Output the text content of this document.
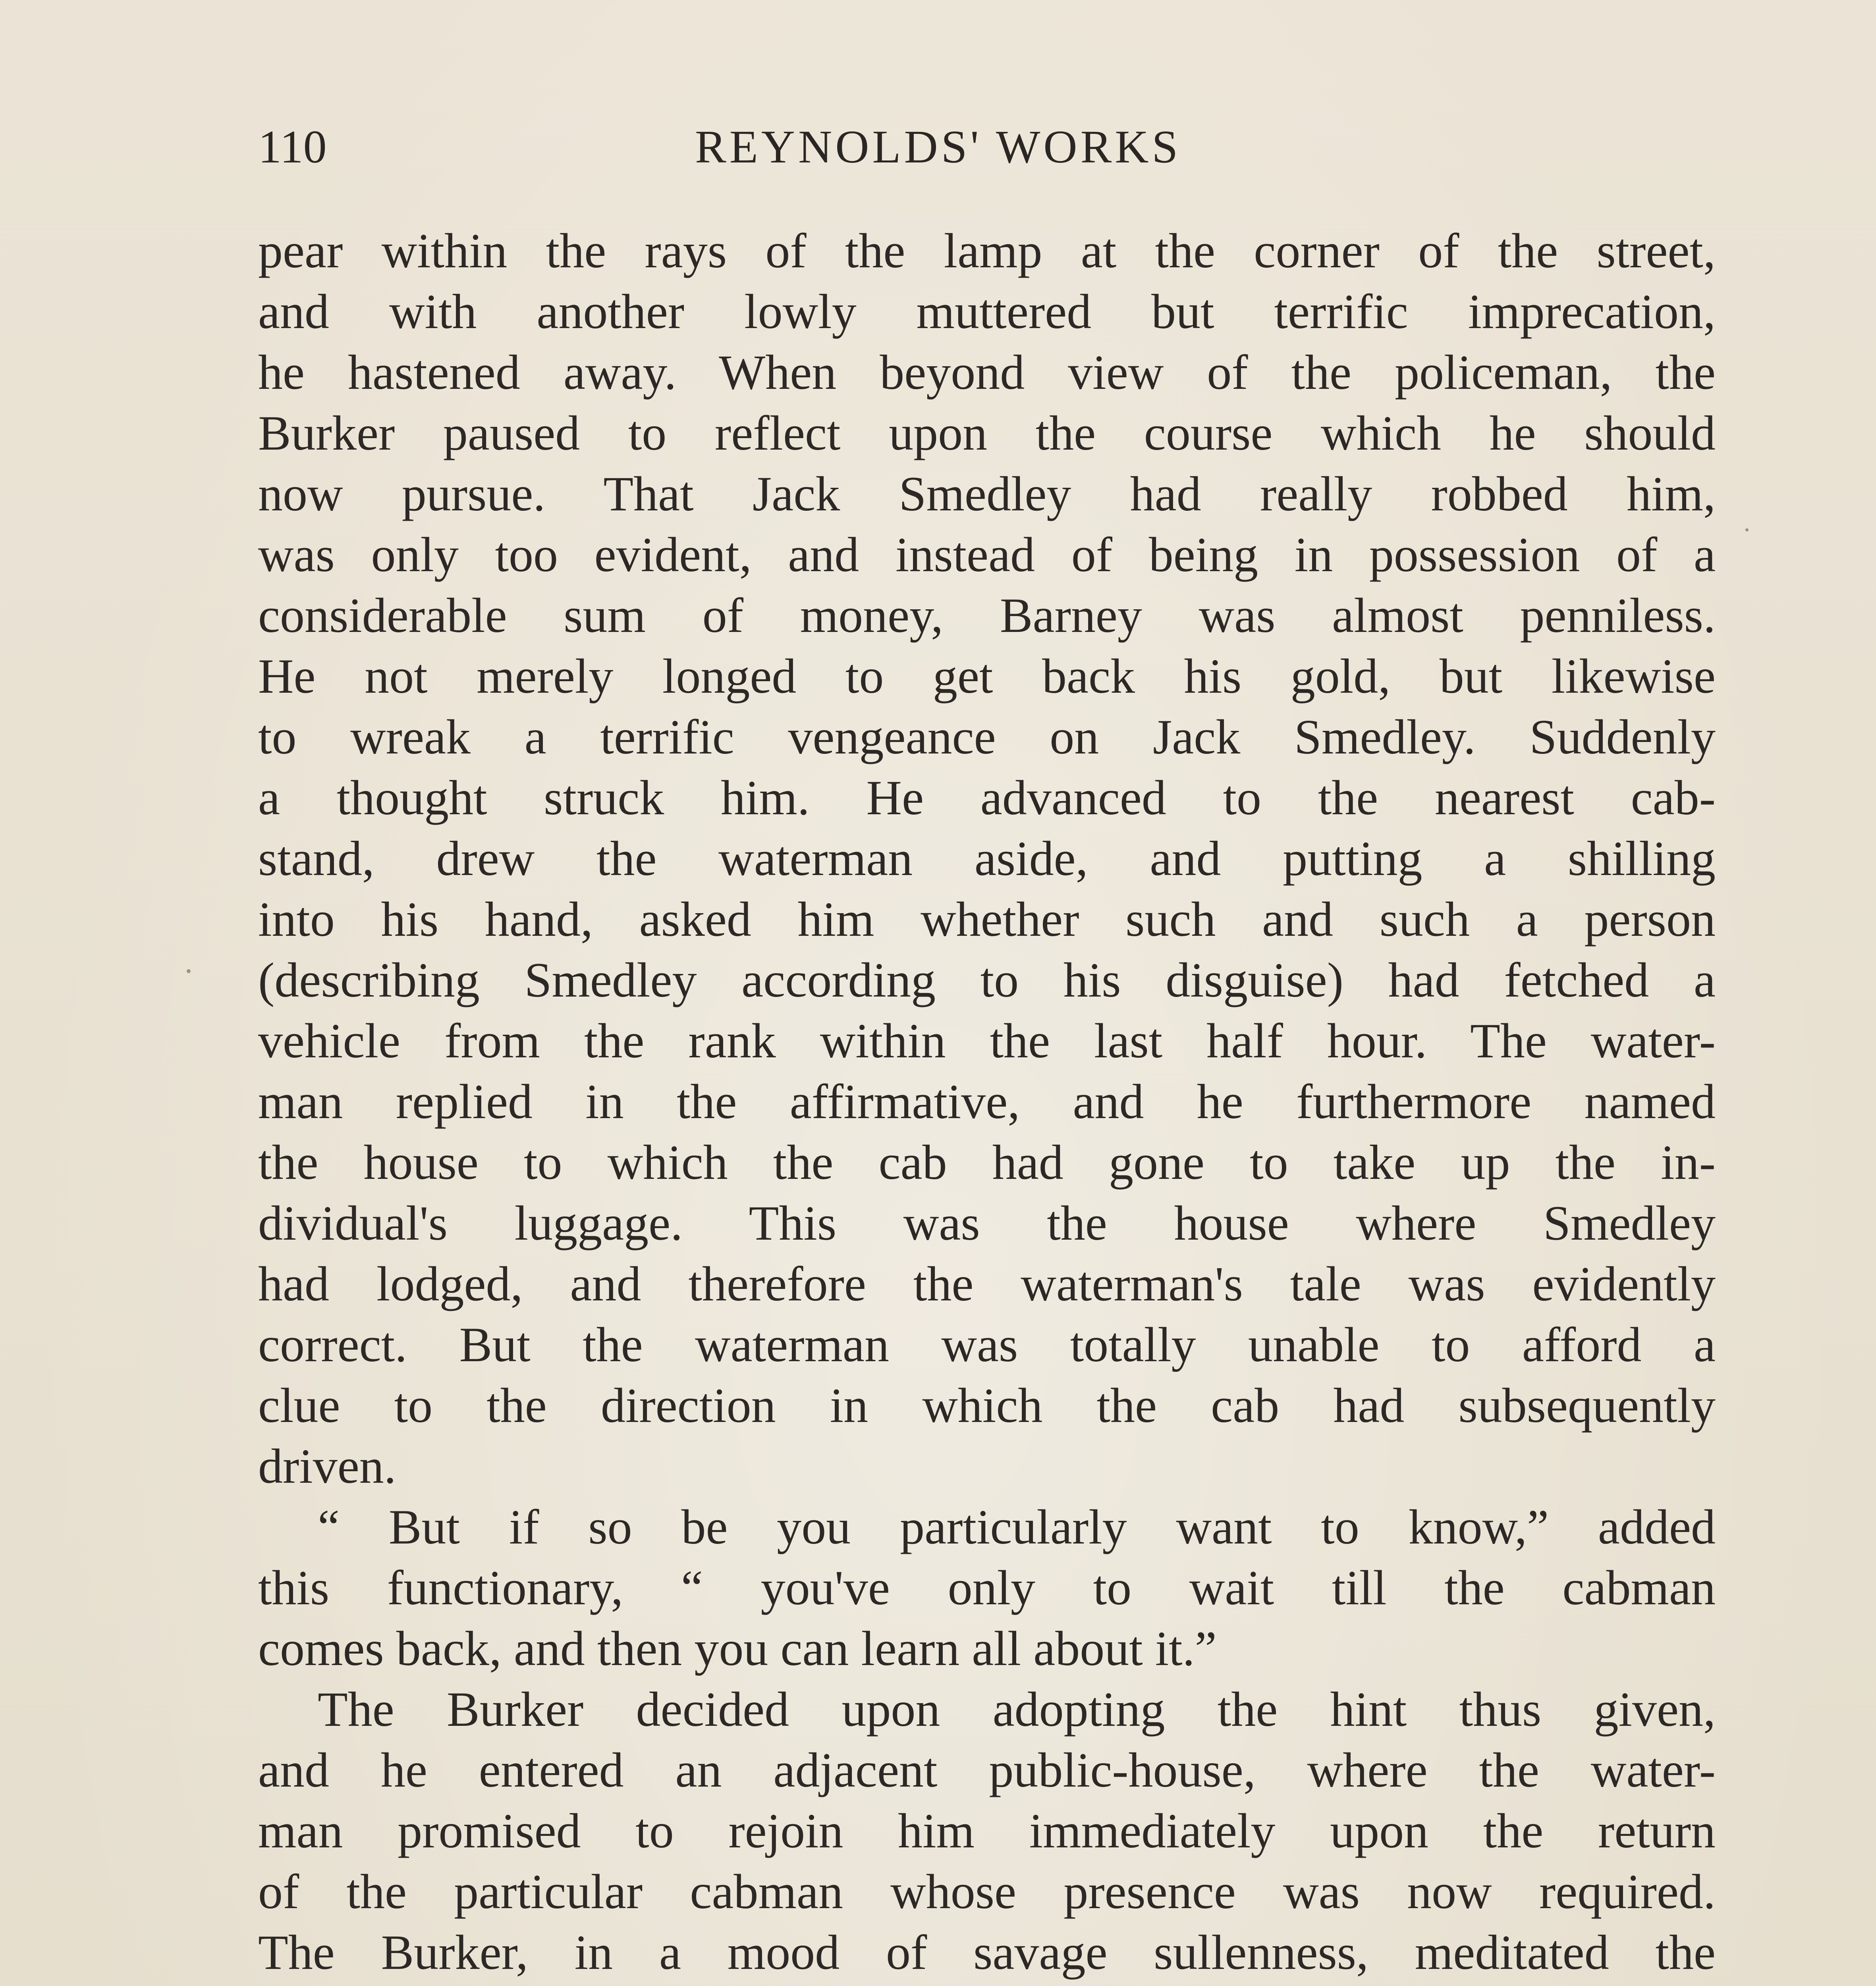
110	REYNOLDS' WORKS
pear within the rays of the lamp at the corner of the street,
and with another lowly muttered but terrific imprecation,
he hastened away. When beyond view of the policeman, the
Burker paused to reflect upon the course which he should
now pursue. That Jack Smedley had really robbed him,
was only too evident, and instead of being in possession of a
considerable sum of money, Barney was almost penniless.
He not merely longed to get back his gold, but likewise
to wreak a terrific vengeance on Jack Smedley. Suddenly
a thought struck him. He advanced to the nearest cab-
stand, drew the waterman aside, and putting a shilling
into his hand, asked him whether such and such a person
(describing Smedley according to his disguise) had fetched a
vehicle from the rank within the last half hour. The water-
man replied in the affirmative, and he furthermore named
the house to which the cab had gone to take up the in-
dividual's luggage. This was the house where Smedley
had lodged, and therefore the waterman's tale was evidently
correct. But the waterman was totally unable to afford a
clue to the direction in which the cab had subsequently
driven.
“ But if so be you particularly want to know,” added
this functionary, “ you've only to wait till the cabman
comes back, and then you can learn all about it.”
The Burker decided upon adopting the hint thus given,
and he entered an adjacent public-house, where the water-
man promised to rejoin him immediately upon the return
of the particular cabman whose presence was now required.
The Burker, in a mood of savage sullenness, meditated the
